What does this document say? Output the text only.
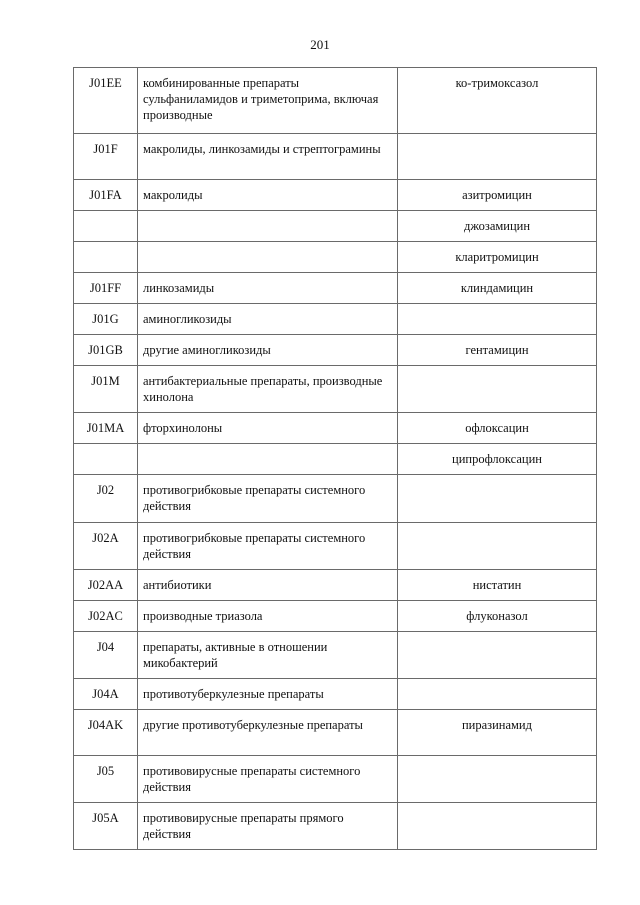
201
J01EE	комбинированные препараты сульфаниламидов и триметоприма, включая производные	ко-тримоксазол
J01F	макролиды, линкозамиды и стрептограмины	
J01FA	макролиды	азитромицин
		джозамицин
		кларитромицин
J01FF	линкозамиды	клиндамицин
J01G	аминогликозиды	
J01GB	другие аминогликозиды	гентамицин
J01M	антибактериальные препараты, производные хинолона	
J01MA	фторхинолоны	офлоксацин
		ципрофлоксацин
J02	противогрибковые препараты системного действия	
J02A	противогрибковые препараты системного действия	
J02AA	антибиотики	нистатин
J02AC	производные триазола	флуконазол
J04	препараты, активные в отношении микобактерий	
J04A	противотуберкулезные препараты	
J04AK	другие противотуберкулезные препараты	пиразинамид
J05	противовирусные препараты системного действия	
J05A	противовирусные препараты прямого действия	
